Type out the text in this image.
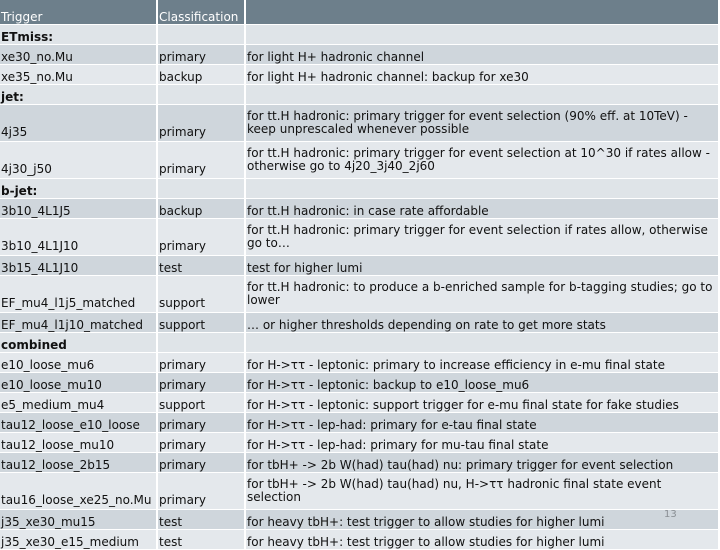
Trigger	Classification	
ETmiss:		
xe30_no.Mu	primary	for light H+ hadronic channel
xe35_no.Mu	backup	for light H+ hadronic channel: backup for xe30
jet:		
4j35	primary	for tt.H hadronic: primary trigger for event selection (90% eff. at 10TeV) - keep unprescaled whenever possible
4j30_j50	primary	for tt.H hadronic: primary trigger for event selection at 10^30 if rates allow - otherwise go to 4j20_3j40_2j60
b-jet:		
3b10_4L1J5	backup	for tt.H hadronic: in case rate affordable
3b10_4L1J10	primary	for tt.H hadronic: primary trigger for event selection if rates allow, otherwise go to…
3b15_4L1J10	test	test for higher lumi
EF_mu4_l1j5_matched	support	for tt.H hadronic: to produce a b-enriched sample for b-tagging studies; go to lower
EF_mu4_l1j10_matched	support	… or higher thresholds depending on rate to get more stats
combined		
e10_loose_mu6	primary	for H->ττ - leptonic: primary to increase efficiency in e-mu final state
e10_loose_mu10	primary	for H->ττ - leptonic: backup to e10_loose_mu6
e5_medium_mu4	support	for H->ττ - leptonic: support trigger for e-mu final state for fake studies
tau12_loose_e10_loose	primary	for H->ττ - lep-had: primary for e-tau final state
tau12_loose_mu10	primary	for H->ττ - lep-had: primary for mu-tau final state
tau12_loose_2b15	primary	for tbH+ -> 2b W(had) tau(had) nu: primary trigger for event selection
tau16_loose_xe25_no.Mu	primary	for tbH+ -> 2b W(had) tau(had) nu, H->ττ hadronic final state event selection
j35_xe30_mu15	test	for heavy tbH+: test trigger to allow studies for higher lumi
j35_xe30_e15_medium	test	for heavy tbH+: test trigger to allow studies for higher lumi
13
